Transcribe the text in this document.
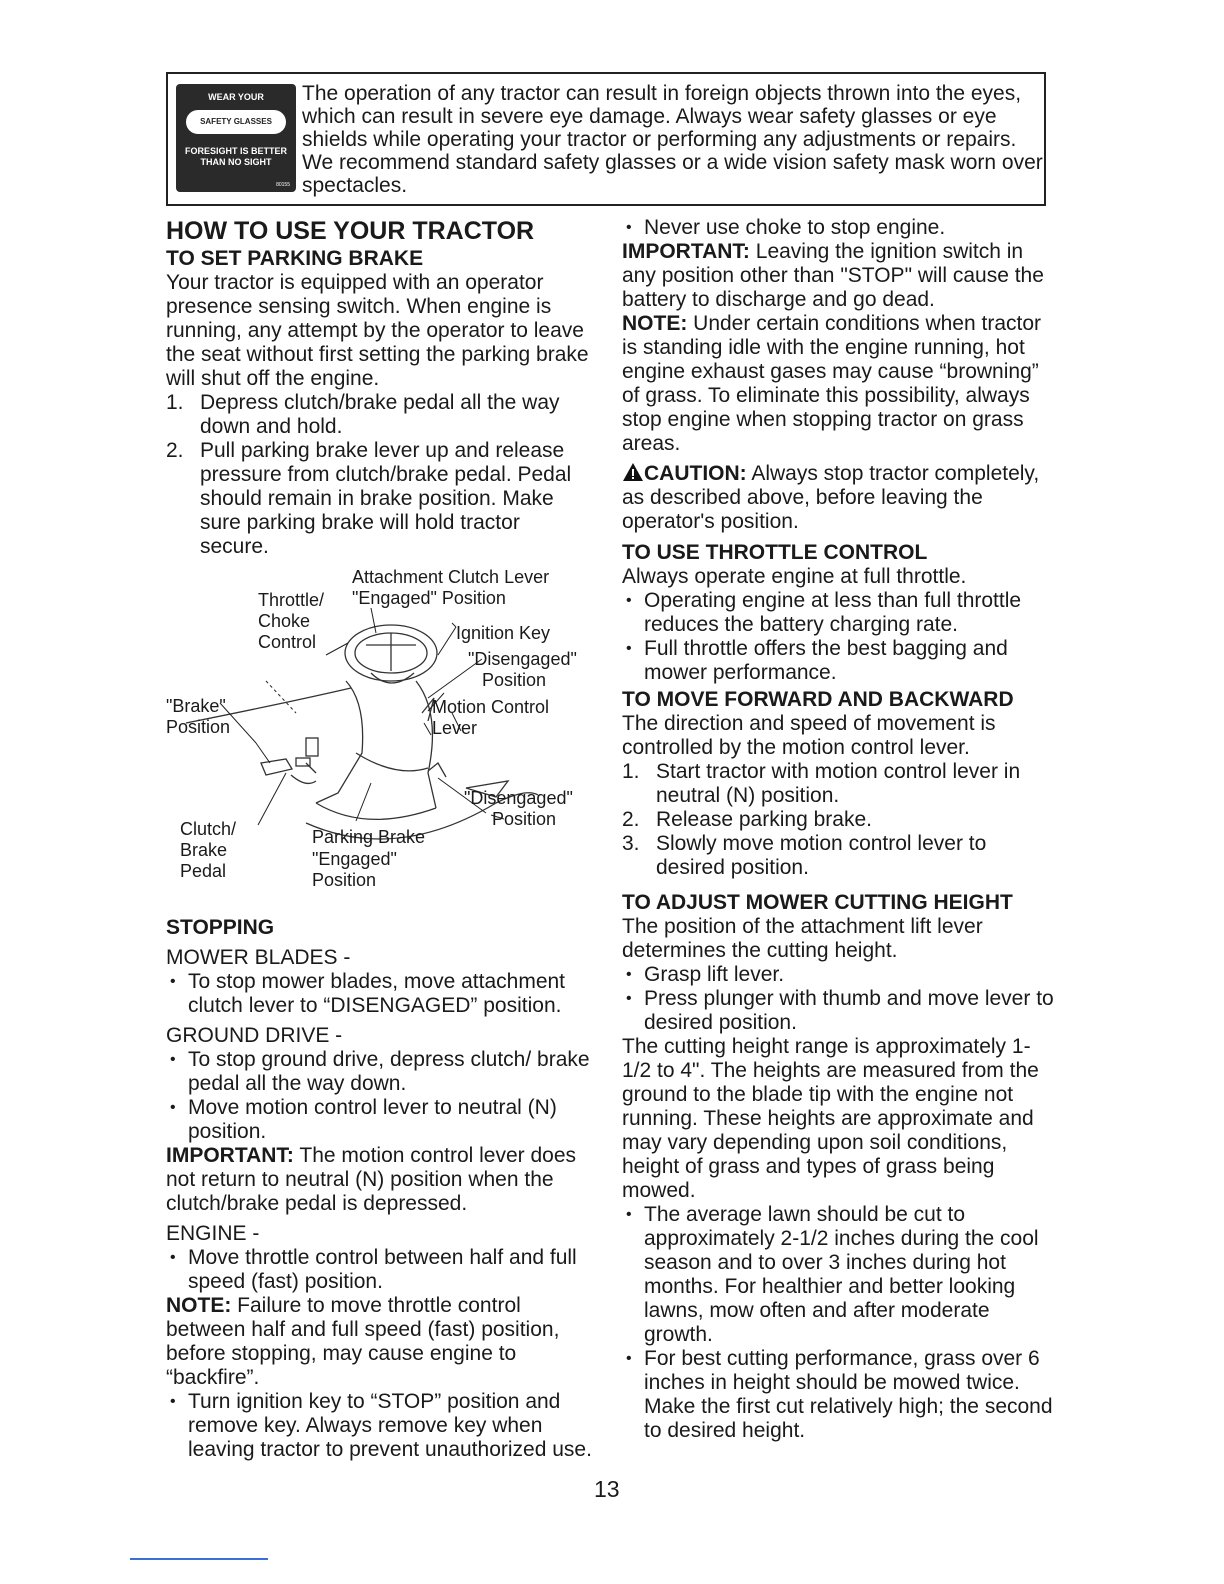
WEAR YOUR
SAFETY GLASSES
FORESIGHT IS BETTER
THAN NO SIGHT
80155
The operation of any tractor can result in foreign objects thrown into the eyes, which can result in severe eye damage. Always wear safety glasses or eye shields while operating your tractor or performing any adjustments or repairs. We recommend standard safety glasses or a wide vision safety mask worn over spectacles.
HOW TO USE YOUR TRACTOR
TO SET PARKING BRAKE

Your tractor is equipped with an operator presence sensing switch. When engine is running, any attempt by the operator to leave the seat without first setting the parking brake will shut off the engine.

1. Depress clutch/brake pedal all the way down and hold.
2. Pull parking brake lever up and release pressure from clutch/brake pedal. Pedal should remain in brake position. Make sure parking brake will hold tractor secure.
Attachment Clutch Lever
"Engaged" Position
Throttle/
Choke
Control	Ignition Key
"Disengaged"
Position
"Brake"
Position
Motion Control
Lever
"Disengaged"
Position
Clutch/
Brake
Pedal
Parking Brake
"Engaged"
Position
STOPPING
MOWER BLADES -
• To stop mower blades, move attachment clutch lever to “DISENGAGED” position.
GROUND DRIVE -
• To stop ground drive, depress clutch/ brake pedal all the way down.
• Move motion control lever to neutral (N) position.

IMPORTANT: The motion control lever does not return to neutral (N) position when the clutch/brake pedal is depressed.

ENGINE -
• Move throttle control between half and full speed (fast) position.

NOTE: Failure to move throttle control between half and full speed (fast) position, before stopping, may cause engine to “backfire”.

• Turn ignition key to “STOP” position and remove key. Always remove key when leaving tractor to prevent unauthorized use.
• Never use choke to stop engine.

IMPORTANT: Leaving the ignition switch in any position other than "STOP" will cause the battery to discharge and go dead.

NOTE: Under certain conditions when tractor is standing idle with the engine running, hot engine exhaust gases may cause “browning” of grass. To eliminate this possibility, always stop engine when stopping tractor on grass areas.

CAUTION: Always stop tractor completely, as described above, before leaving the operator's position.

TO USE THROTTLE CONTROL

Always operate engine at full throttle.

• Operating engine at less than full throttle reduces the battery charging rate.
• Full throttle offers the best bagging and mower performance.
TO MOVE FORWARD AND BACKWARD

The direction and speed of movement is controlled by the motion control lever.

1. Start tractor with motion control lever in neutral (N) position.
2. Release parking brake.
3. Slowly move motion control lever to desired position.
TO ADJUST MOWER CUTTING HEIGHT

The position of the attachment lift lever determines the cutting height.

• Grasp lift lever.
• Press plunger with thumb and move lever to desired position.

The cutting height range is approximately 1-1/2 to 4". The heights are measured from the ground to the blade tip with the engine not running. These heights are approximate and may vary depending upon soil conditions, height of grass and types of grass being mowed.

• The average lawn should be cut to approximately 2-1/2 inches during the cool season and to over 3 inches during hot months. For healthier and better looking lawns, mow often and after moderate growth.
• For best cutting performance, grass over 6 inches in height should be mowed twice. Make the first cut relatively high; the second to desired height.
13
